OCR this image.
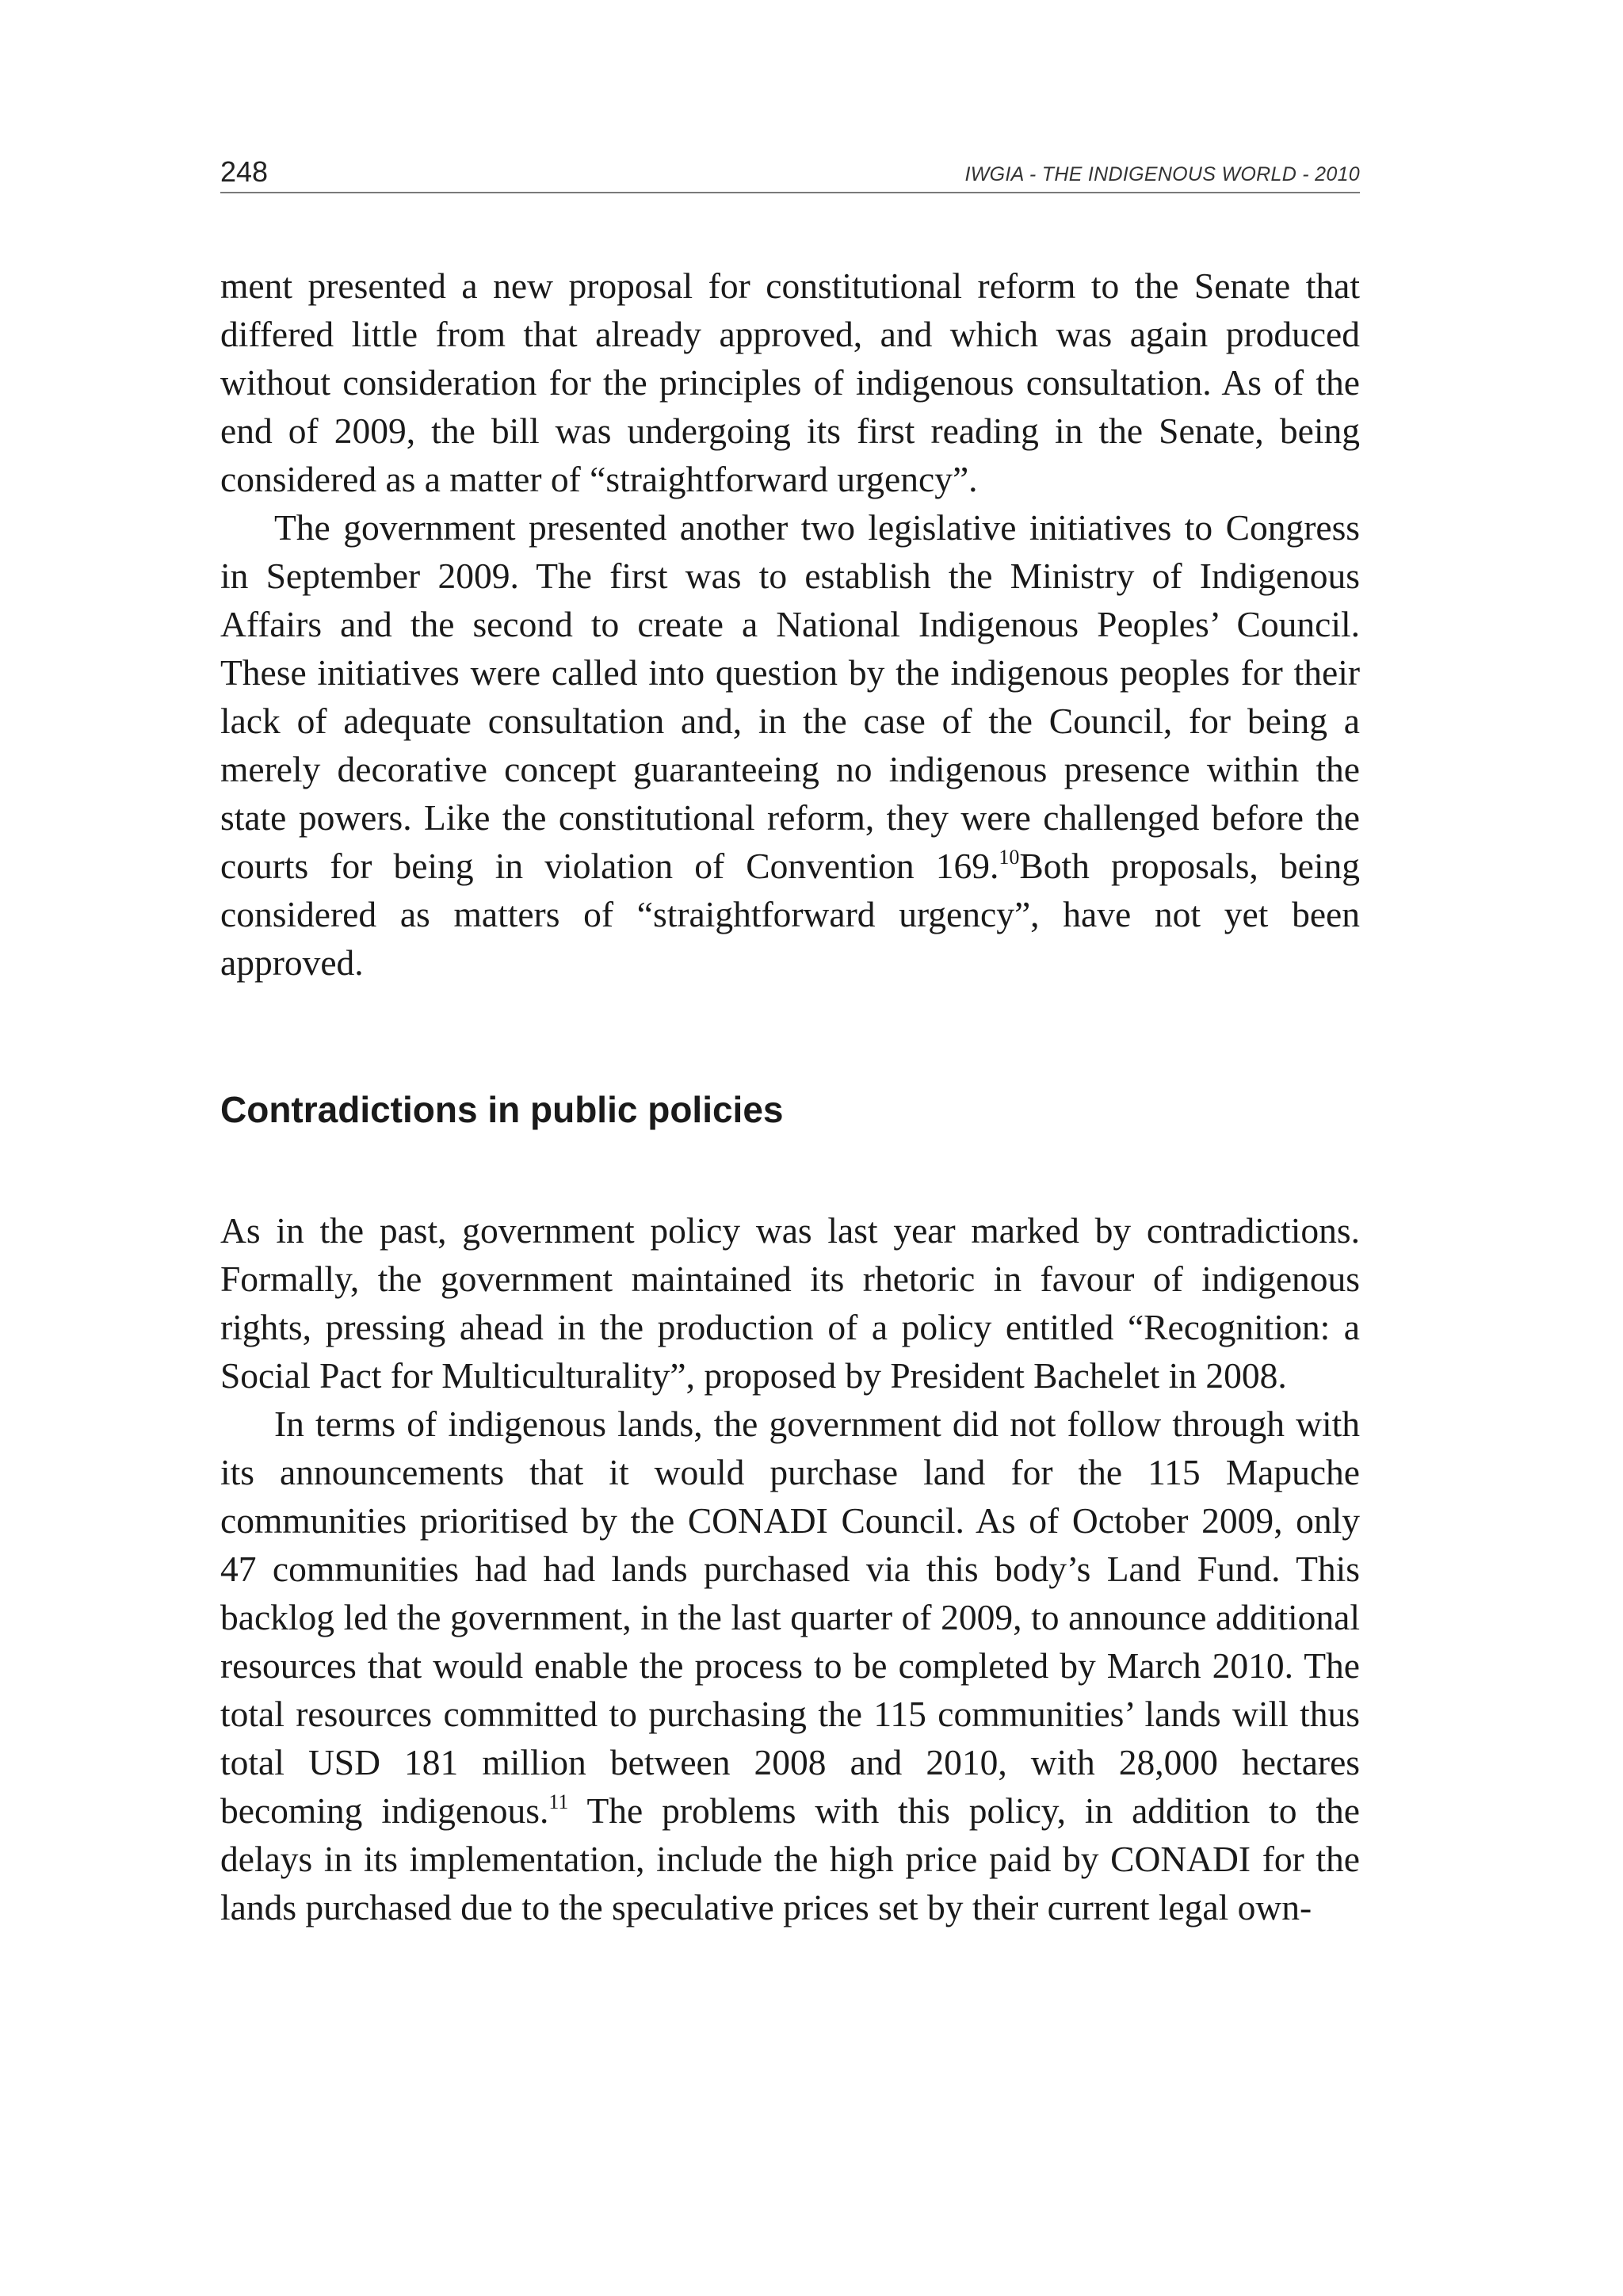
248	IWGIA - THE INDIGENOUS WORLD - 2010

ment presented a new proposal for constitutional reform to the Senate that differed little from that already approved, and which was again produced without consideration for the principles of indigenous consultation. As of the end of 2009, the bill was undergoing its first reading in the Senate, being considered as a matter of “straightforward urgency”.

The government presented another two legislative initiatives to Congress in September 2009. The first was to establish the Ministry of Indigenous Affairs and the second to create a National Indigenous Peoples’ Council. These initiatives were called into question by the indigenous peoples for their lack of adequate consultation and, in the case of the Council, for being a merely decorative concept guaranteeing no indigenous presence within the state powers. Like the constitutional reform, they were challenged before the courts for being in violation of Convention 169.10Both proposals, being considered as matters of “straightforward urgency”, have not yet been approved.

Contradictions in public policies

As in the past, government policy was last year marked by contradictions. Formally, the government maintained its rhetoric in favour of indigenous rights, pressing ahead in the production of a policy entitled “Recognition: a Social Pact for Multiculturality”, proposed by President Bachelet in 2008.

In terms of indigenous lands, the government did not follow through with its announcements that it would purchase land for the 115 Mapuche communities prioritised by the CONADI Council. As of October 2009, only 47 communities had had lands purchased via this body’s Land Fund. This backlog led the government, in the last quarter of 2009, to announce additional resources that would enable the process to be completed by March 2010. The total resources committed to purchasing the 115 communities’ lands will thus total USD 181 million between 2008 and 2010, with 28,000 hectares becoming indigenous.$^{11}$ The problems with this policy, in addition to the delays in its implementation, include the high price paid by CONADI for the lands purchased due to the speculative prices set by their current legal own-
